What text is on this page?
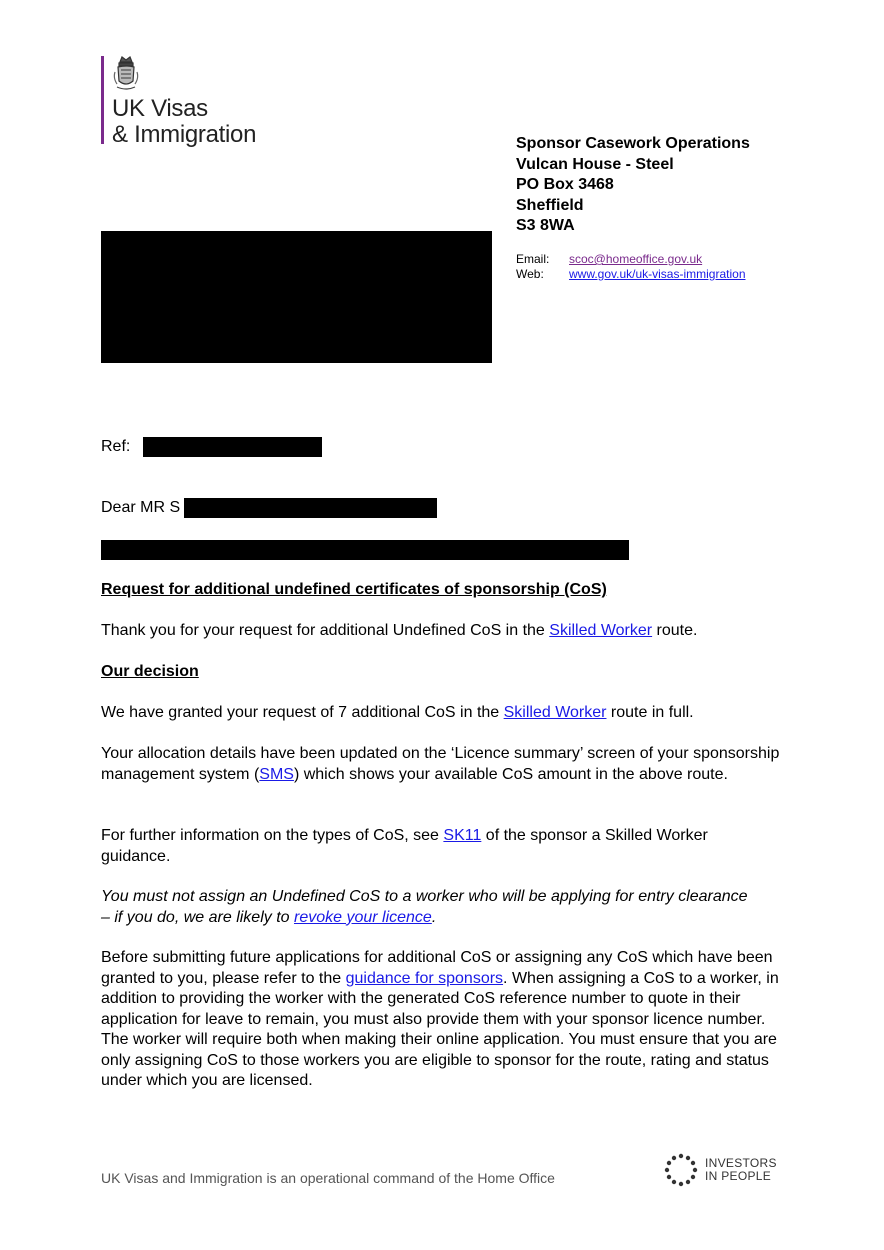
UK Visas
& Immigration	Sponsor Casework Operations
Vulcan House - Steel
PO Box 3468
Sheffield
S3 8WA
Email:	scoc@homeoffice.gov.uk
Web:	www.gov.uk/uk-visas-immigration
Ref:
Dear MR S
Request for additional undefined certificates of sponsorship (CoS)
Thank you for your request for additional Undefined CoS in the Skilled Worker route.
Our decision
We have granted your request of 7 additional CoS in the Skilled Worker route in full.
Your allocation details have been updated on the ‘Licence summary’ screen of your sponsorship management system (SMS) which shows your available CoS amount in the above route.
For further information on the types of CoS, see SK11 of the sponsor a Skilled Worker guidance.
You must not assign an Undefined CoS to a worker who will be applying for entry clearance – if you do, we are likely to revoke your licence.
Before submitting future applications for additional CoS or assigning any CoS which have been granted to you, please refer to the guidance for sponsors. When assigning a CoS to a worker, in addition to providing the worker with the generated CoS reference number to quote in their application for leave to remain, you must also provide them with your sponsor licence number. The worker will require both when making their online application. You must ensure that you are only assigning CoS to those workers you are eligible to sponsor for the route, rating and status under which you are licensed.
UK Visas and Immigration is an operational command of the Home Office
INVESTORS
IN PEOPLE
